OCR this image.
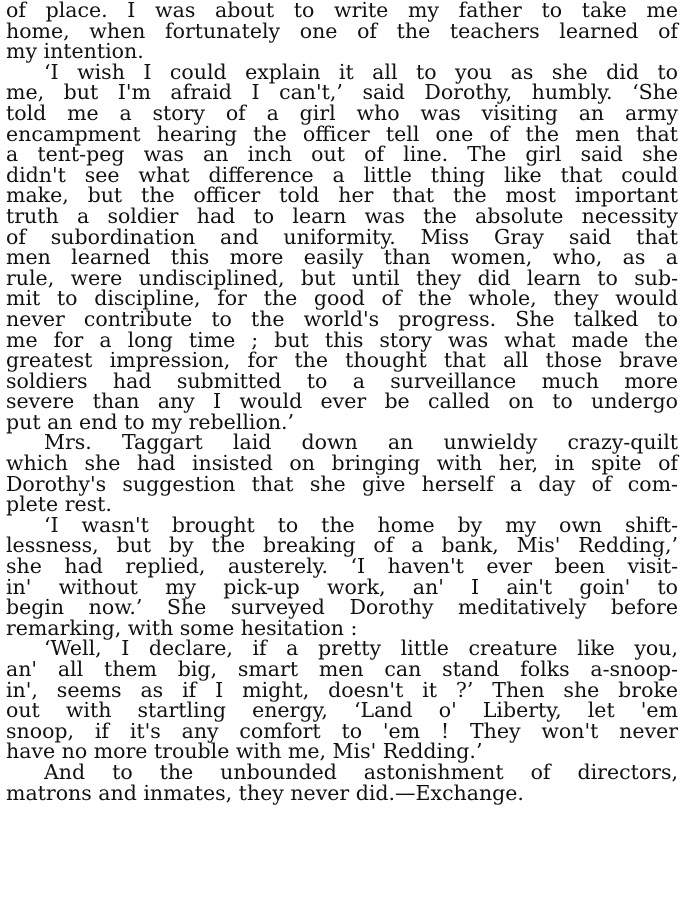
of place. I was about to write my father to take me
home, when fortunately one of the teachers learned of
my intention.
‘I wish I could explain it all to you as she did to
me, but I'm afraid I can't,’ said Dorothy, humbly. ‘She
told me a story of a girl who was visiting an army
encampment hearing the officer tell one of the men that
a tent-peg was an inch out of line. The girl said she
didn't see what difference a little thing like that could
make, but the officer told her that the most important
truth a soldier had to learn was the absolute necessity
of subordination and uniformity. Miss Gray said that
men learned this more easily than women, who, as a
rule, were undisciplined, but until they did learn to sub-
mit to discipline, for the good of the whole, they would
never contribute to the world's progress. She talked to
me for a long time ; but this story was what made the
greatest impression, for the thought that all those brave
soldiers had submitted to a surveillance much more
severe than any I would ever be called on to undergo
put an end to my rebellion.’
Mrs. Taggart laid down an unwieldy crazy-quilt
which she had insisted on bringing with her, in spite of
Dorothy's suggestion that she give herself a day of com-
plete rest.
‘I wasn't brought to the home by my own shift-
lessness, but by the breaking of a bank, Mis' Redding,’
she had replied, austerely. ‘I haven't ever been visit-
in' without my pick-up work, an' I ain't goin' to
begin now.’ She surveyed Dorothy meditatively before
remarking, with some hesitation :
‘Well, I declare, if a pretty little creature like you,
an' all them big, smart men can stand folks a-snoop-
in', seems as if I might, doesn't it ?’ Then she broke
out with startling energy, ‘Land o' Liberty, let 'em
snoop, if it's any comfort to 'em ! They won't never
have no more trouble with me, Mis' Redding.’
And to the unbounded astonishment of directors,
matrons and inmates, they never did.—Exchange.
